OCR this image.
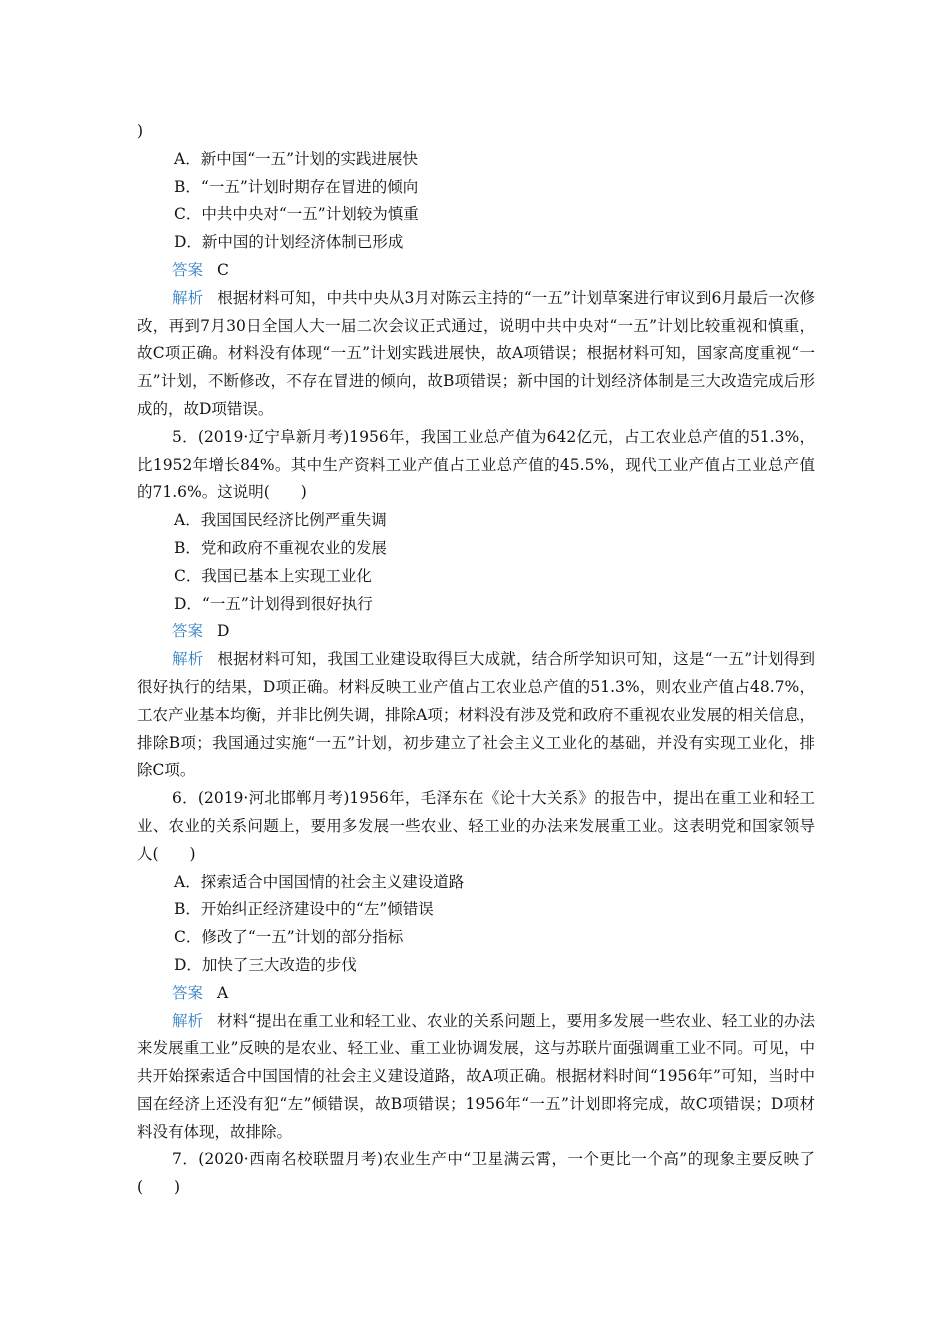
)

A．新中国“一五”计划的实践进展快

B．“一五”计划时期存在冒进的倾向

C．中共中央对“一五”计划较为慎重

D．新中国的计划经济体制已形成

答案 C

解析 根据材料可知，中共中央从3月对陈云主持的“一五”计划草案进行审议到6月最后一次修改，再到7月30日全国人大一届二次会议正式通过，说明中共中央对“一五”计划比较重视和慎重，故C项正确。材料没有体现“一五”计划实践进展快，故A项错误；根据材料可知，国家高度重视“一五”计划，不断修改，不存在冒进的倾向，故B项错误；新中国的计划经济体制是三大改造完成后形成的，故D项错误。

5．(2019·辽宁阜新月考)1956年，我国工业总产值为642亿元，占工农业总产值的51.3%，比1952年增长84%。其中生产资料工业产值占工业总产值的45.5%，现代工业产值占工业总产值的71.6%。这说明(　　)

A．我国国民经济比例严重失调

B．党和政府不重视农业的发展

C．我国已基本上实现工业化

D．“一五”计划得到很好执行

答案 D

解析 根据材料可知，我国工业建设取得巨大成就，结合所学知识可知，这是“一五”计划得到很好执行的结果，D项正确。材料反映工业产值占工农业总产值的51.3%，则农业产值占48.7%，工农产业基本均衡，并非比例失调，排除A项；材料没有涉及党和政府不重视农业发展的相关信息，排除B项；我国通过实施“一五”计划，初步建立了社会主义工业化的基础，并没有实现工业化，排除C项。

6．(2019·河北邯郸月考)1956年，毛泽东在《论十大关系》的报告中，提出在重工业和轻工业、农业的关系问题上，要用多发展一些农业、轻工业的办法来发展重工业。这表明党和国家领导人(　　)

A．探索适合中国国情的社会主义建设道路

B．开始纠正经济建设中的“左”倾错误

C．修改了“一五”计划的部分指标

D．加快了三大改造的步伐

答案 A

解析 材料“提出在重工业和轻工业、农业的关系问题上，要用多发展一些农业、轻工业的办法来发展重工业”反映的是农业、轻工业、重工业协调发展，这与苏联片面强调重工业不同。可见，中共开始探索适合中国国情的社会主义建设道路，故A项正确。根据材料时间“1956年”可知，当时中国在经济上还没有犯“左”倾错误，故B项错误；1956年“一五”计划即将完成，故C项错误；D项材料没有体现，故排除。

7．(2020·西南名校联盟月考)农业生产中“卫星满云霄，一个更比一个高”的现象主要反映了(　　)
